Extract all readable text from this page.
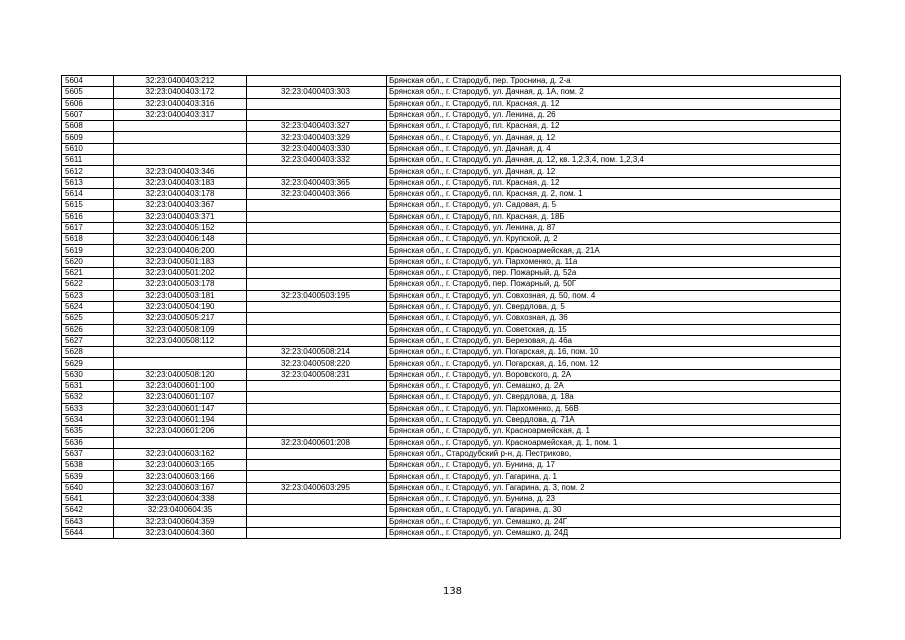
5604	32:23:0400403:212		Брянская обл., г. Стародуб, пер. Троснина, д. 2-а
5605	32:23:0400403:172	32:23:0400403:303	Брянская обл., г. Стародуб, ул. Дачная, д. 1А, пом. 2
5606	32:23:0400403:316		Брянская обл., г. Стародуб, пл. Красная, д. 12
5607	32:23:0400403:317		Брянская обл., г. Стародуб, ул. Ленина, д. 26
5608		32:23:0400403:327	Брянская обл., г. Стародуб, пл. Красная, д. 12
5609		32:23:0400403:329	Брянская обл., г. Стародуб, ул. Дачная, д. 12
5610		32:23:0400403:330	Брянская обл., г. Стародуб, ул. Дачная, д. 4
5611		32:23:0400403:332	Брянская обл., г. Стародуб, ул. Дачная, д. 12, кв. 1,2,3,4, пом. 1,2,3,4
5612	32:23:0400403:346		Брянская обл., г. Стародуб, ул. Дачная, д. 12
5613	32:23:0400403:183	32:23:0400403:365	Брянская обл., г. Стародуб, пл. Красная, д. 12
5614	32:23:0400403:178	32:23:0400403:366	Брянская обл., г. Стародуб, пл. Красная, д. 2, пом. 1
5615	32:23:0400403:367		Брянская обл., г. Стародуб, ул. Садовая, д. 5
5616	32:23:0400403:371		Брянская обл., г. Стародуб, пл. Красная, д. 18Б
5617	32:23:0400405:152		Брянская обл., г. Стародуб, ул. Ленина, д. 87
5618	32:23:0400406:148		Брянская обл., г. Стародуб, ул. Крупской, д. 2
5619	32:23:0400406:200		Брянская обл., г. Стародуб, ул. Красноармейская, д. 21А
5620	32:23:0400501:183		Брянская обл., г. Стародуб, ул. Пархоменко, д. 11а
5621	32:23:0400501:202		Брянская обл., г. Стародуб, пер. Пожарный, д. 52а
5622	32:23:0400503:178		Брянская обл., г. Стародуб, пер. Пожарный, д. 50Г
5623	32:23:0400503:181	32:23:0400503:195	Брянская обл., г. Стародуб, ул. Совхозная, д. 50, пом. 4
5624	32:23:0400504:190		Брянская обл., г. Стародуб, ул. Свердлова, д. 5
5625	32:23:0400505:217		Брянская обл., г. Стародуб, ул. Совхозная, д. 36
5626	32:23:0400508:109		Брянская обл., г. Стародуб, ул. Советская, д. 15
5627	32:23:0400508:112		Брянская обл., г. Стародуб, ул. Березовая, д. 46а
5628		32:23:0400508:214	Брянская обл., г. Стародуб, ул. Погарская, д. 16, пом. 10
5629		32:23:0400508:220	Брянская обл., г. Стародуб, ул. Погарская, д. 16, пом. 12
5630	32:23:0400508:120	32:23:0400508:231	Брянская обл., г. Стародуб, ул. Воровского, д. 2А
5631	32:23:0400601:100		Брянская обл., г. Стародуб, ул. Семашко, д. 2А
5632	32:23:0400601:107		Брянская обл., г. Стародуб, ул. Свердлова, д. 18а
5633	32:23:0400601:147		Брянская обл., г. Стародуб, ул. Пархоменко, д. 56В
5634	32:23:0400601:194		Брянская обл., г. Стародуб, ул. Свердлова, д. 71А
5635	32:23:0400601:206		Брянская обл., г. Стародуб, ул. Красноармейская, д. 1
5636		32:23:0400601:208	Брянская обл., г. Стародуб, ул. Красноармейская, д. 1, пом. 1
5637	32:23:0400603:162		Брянская обл., Стародубский р-н, д. Пестриково,
5638	32:23:0400603:165		Брянская обл., г. Стародуб, ул. Бунина, д. 17
5639	32:23:0400603:166		Брянская обл., г. Стародуб, ул. Гагарина, д. 1
5640	32:23:0400603:167	32:23:0400603:295	Брянская обл., г. Стародуб, ул. Гагарина, д. 3, пом. 2
5641	32:23:0400604:338		Брянская обл., г. Стародуб, ул. Бунина, д. 23
5642	32:23:0400604:35		Брянская обл., г. Стародуб, ул. Гагарина, д. 30
5643	32:23:0400604:359		Брянская обл., г. Стародуб, ул. Семашко, д. 24Г
5644	32:23:0400604:360		Брянская обл., г. Стародуб, ул. Семашко, д. 24Д
138
